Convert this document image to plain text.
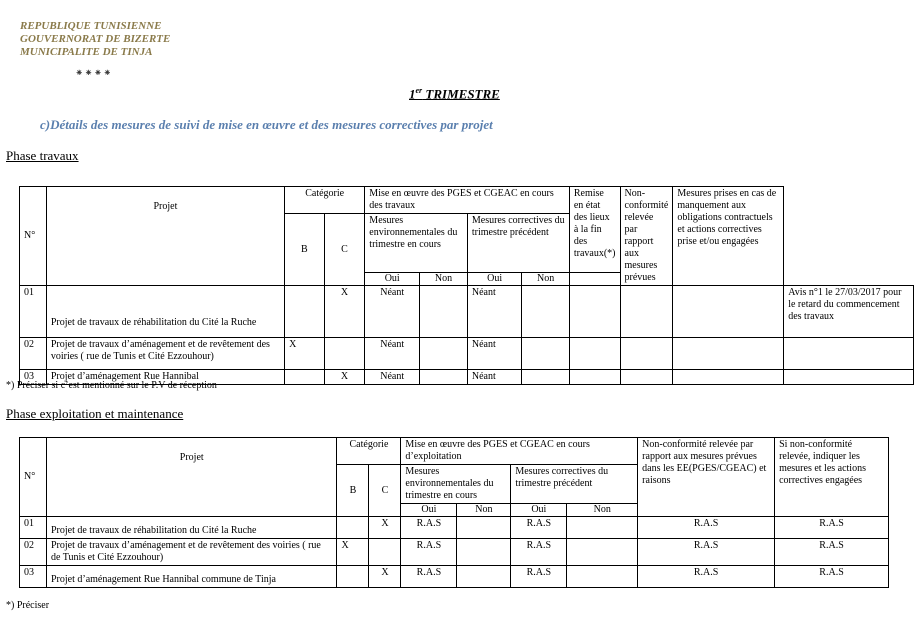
REPUBLIQUE TUNISIENNE
GOUVERNORAT DE BIZERTE
MUNICIPALITE DE TINJA
⁕⁕⁕⁕
1er TRIMESTRE
c)Détails des mesures de suivi de mise en œuvre et des mesures correctives par projet
Phase travaux
N°	Projet	Catégorie		Mise en œuvre des PGES et CGEAC en cours des travaux				Remise en état des lieux à la fin des travaux(*)	Non-conformité relevée par rapport aux mesures prévues	Mesures prises en cas de manquement aux obligations contractuels et actions correctives prise et/ou engagées	
		B	C	Mesures environnementales du trimestre en cours		Mesures correctives du trimestre précédent					
				Oui	Non	Oui	Non			
01	Projet de travaux de réhabilitation du Cité la Ruche		X	Néant		Néant					Avis n°1 le 27/03/2017 pour le retard du commencement des travaux
02	Projet de travaux d’aménagement et de revêtement des voiries ( rue de Tunis et Cité Ezzouhour)	X		Néant		Néant					
03	Projet d’aménagement Rue Hannibal		X	Néant		Néant					
*) Préciser si c’est mentionné sur le P.V de réception
Phase exploitation et maintenance
N°	Projet	Catégorie		Mise en œuvre des PGES et CGEAC en cours d’exploitation				Non-conformité relevée par rapport aux mesures prévues dans les EE(PGES/CGEAC) et raisons	Si non-conformité relevée, indiquer les mesures et les actions correctives engagées
		B	C	Mesures environnementales du trimestre en cours		Mesures correctives du trimestre précédent			
				Oui	Non	Oui	Non		
01	Projet de travaux de réhabilitation du Cité la Ruche		X	R.A.S		R.A.S		R.A.S	R.A.S
02	Projet de travaux d’aménagement et de revêtement des voiries ( rue de Tunis et Cité Ezzouhour)	X		R.A.S		R.A.S		R.A.S	R.A.S
03	Projet d’aménagement Rue Hannibal commune de Tinja		X	R.A.S		R.A.S		R.A.S	R.A.S
*) Préciser
